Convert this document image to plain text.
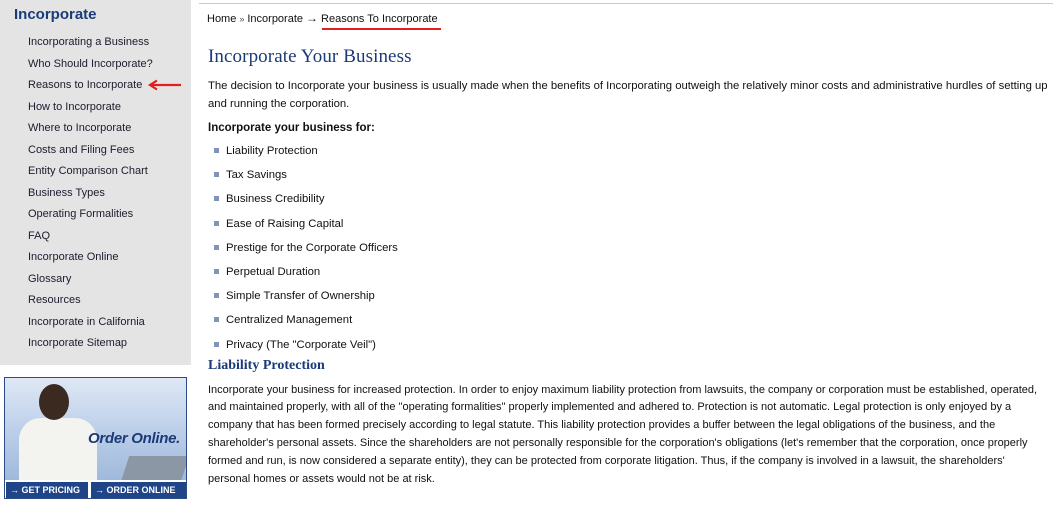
Incorporate
Incorporating a Business
Who Should Incorporate?
Reasons to Incorporate
How to Incorporate
Where to Incorporate
Costs and Filing Fees
Entity Comparison Chart
Business Types
Operating Formalities
FAQ
Incorporate Online
Glossary
Resources
Incorporate in California
Incorporate Sitemap
Order Online.
→ GET PRICING	→ ORDER ONLINE
Home » Incorporate → Reasons To Incorporate
Incorporate Your Business

The decision to Incorporate your business is usually made when the benefits of Incorporating outweigh the relatively minor costs and administrative hurdles of setting up and running the corporation.

Incorporate your business for:
Liability Protection
Tax Savings
Business Credibility
Ease of Raising Capital
Prestige for the Corporate Officers
Perpetual Duration
Simple Transfer of Ownership
Centralized Management
Privacy (The "Corporate Veil")
Liability Protection

Incorporate your business for increased protection. In order to enjoy maximum liability protection from lawsuits, the company or corporation must be established, operated, and maintained properly, with all of the "operating formalities" properly implemented and adhered to. Protection is not automatic. Legal protection is only enjoyed by a company that has been formed precisely according to legal statute. This liability protection provides a buffer between the legal obligations of the business, and the shareholder's personal assets. Since the shareholders are not personally responsible for the corporation's obligations (let's remember that the corporation, once properly formed and run, is now considered a separate entity), they can be protected from corporate litigation. Thus, if the company is involved in a lawsuit, the shareholders' personal homes or assets would not be at risk.
